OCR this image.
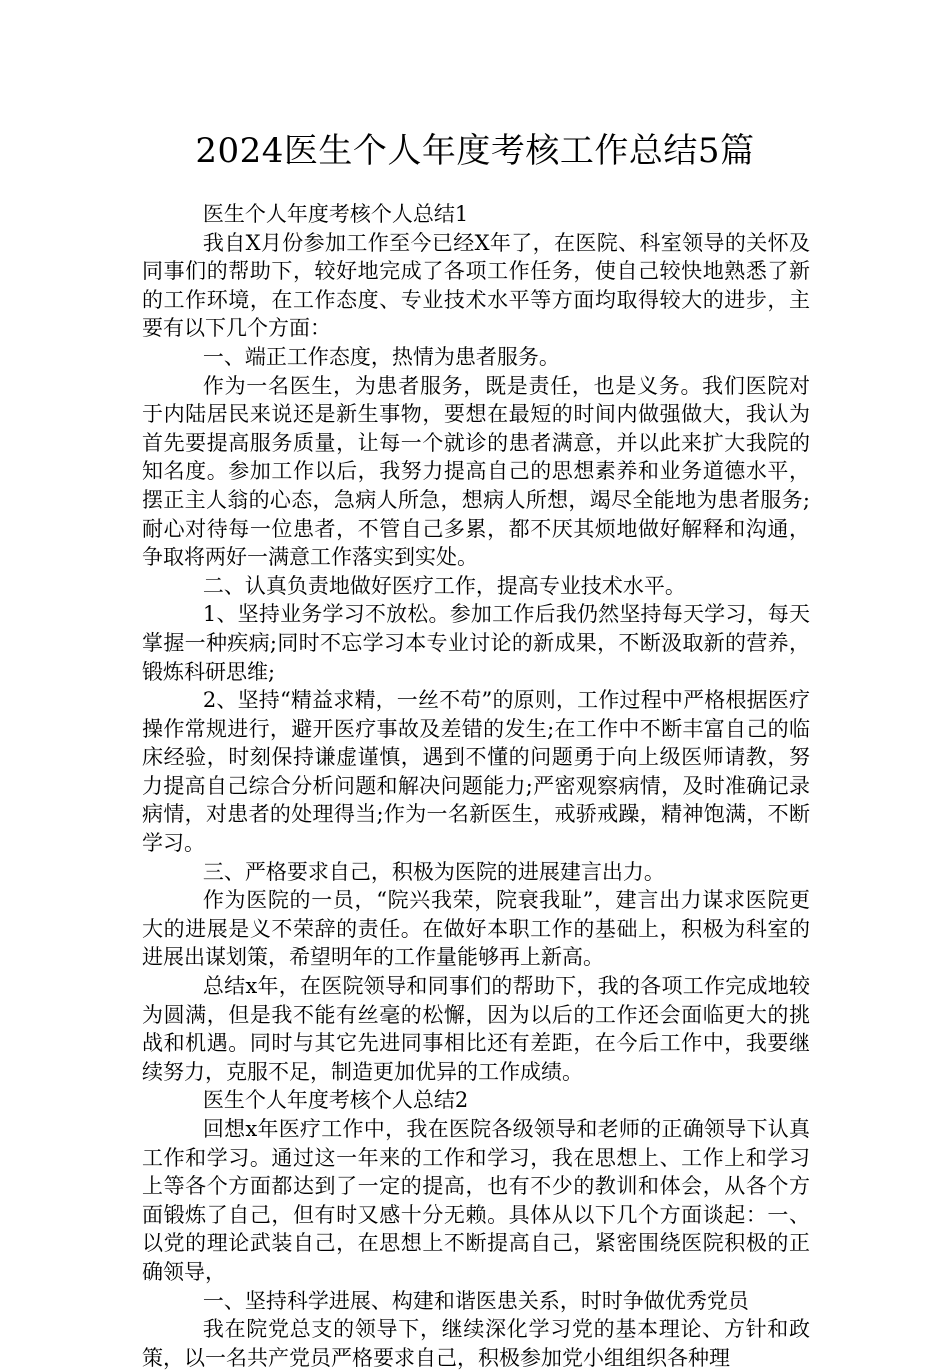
2024医生个人年度考核工作总结5篇

医生个人年度考核个人总结1

我自X月份参加工作至今已经X年了，在医院、科室领导的关怀及同事们的帮助下，较好地完成了各项工作任务，使自己较快地熟悉了新的工作环境，在工作态度、专业技术水平等方面均取得较大的进步，主要有以下几个方面：

一、端正工作态度，热情为患者服务。

作为一名医生，为患者服务，既是责任，也是义务。我们医院对于内陆居民来说还是新生事物，要想在最短的时间内做强做大，我认为首先要提高服务质量，让每一个就诊的患者满意，并以此来扩大我院的知名度。参加工作以后，我努力提高自己的思想素养和业务道德水平，摆正主人翁的心态，急病人所急，想病人所想，竭尽全能地为患者服务;耐心对待每一位患者，不管自己多累，都不厌其烦地做好解释和沟通，争取将两好一满意工作落实到实处。

二、认真负责地做好医疗工作，提高专业技术水平。

1、坚持业务学习不放松。参加工作后我仍然坚持每天学习，每天掌握一种疾病;同时不忘学习本专业讨论的新成果，不断汲取新的营养，锻炼科研思维;

2、坚持“精益求精，一丝不苟”的原则，工作过程中严格根据医疗操作常规进行，避开医疗事故及差错的发生;在工作中不断丰富自己的临床经验，时刻保持谦虚谨慎，遇到不懂的问题勇于向上级医师请教，努力提高自己综合分析问题和解决问题能力;严密观察病情，及时准确记录病情，对患者的处理得当;作为一名新医生，戒骄戒躁，精神饱满，不断学习。

三、严格要求自己，积极为医院的进展建言出力。

作为医院的一员，“院兴我荣，院衰我耻”，建言出力谋求医院更大的进展是义不荣辞的责任。在做好本职工作的基础上，积极为科室的进展出谋划策，希望明年的工作量能够再上新高。

总结x年，在医院领导和同事们的帮助下，我的各项工作完成地较为圆满，但是我不能有丝毫的松懈，因为以后的工作还会面临更大的挑战和机遇。同时与其它先进同事相比还有差距，在今后工作中，我要继续努力，克服不足，制造更加优异的工作成绩。

医生个人年度考核个人总结2

回想x年医疗工作中，我在医院各级领导和老师的正确领导下认真工作和学习。通过这一年来的工作和学习，我在思想上、工作上和学习上等各个方面都达到了一定的提高，也有不少的教训和体会，从各个方面锻炼了自己，但有时又感十分无赖。具体从以下几个方面谈起：一、以党的理论武装自己，在思想上不断提高自己，紧密围绕医院积极的正确领导，

一、坚持科学进展、构建和谐医患关系，时时争做优秀党员

我在院党总支的领导下，继续深化学习党的基本理论、方针和政策，以一名共产党员严格要求自己，积极参加党小组组织各种理
